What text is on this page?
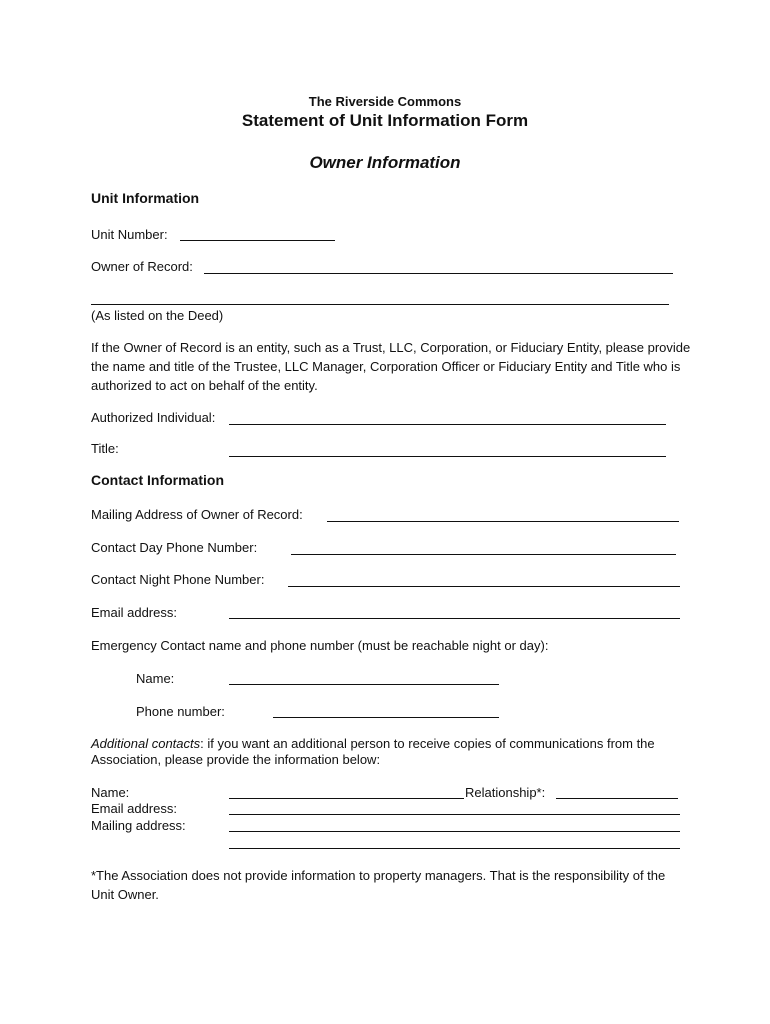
The Riverside Commons
Statement of Unit Information Form
Owner Information
Unit Information
Unit Number:
Owner of Record:
(As listed on the Deed)
If the Owner of Record is an entity, such as a Trust, LLC, Corporation, or Fiduciary Entity, please provide the name and title of the Trustee, LLC Manager, Corporation Officer or Fiduciary Entity and Title who is authorized to act on behalf of the entity.
Authorized Individual:
Title:
Contact Information
Mailing Address of Owner of Record:
Contact Day Phone Number:
Contact Night Phone Number:
Email address:
Emergency Contact name and phone number (must be reachable night or day):
Name:
Phone number:
Additional contacts: if you want an additional person to receive copies of communications from the Association, please provide the information below:
Name:	Relationship*:
Email address:
Mailing address:
*The Association does not provide information to property managers. That is the responsibility of the Unit Owner.
